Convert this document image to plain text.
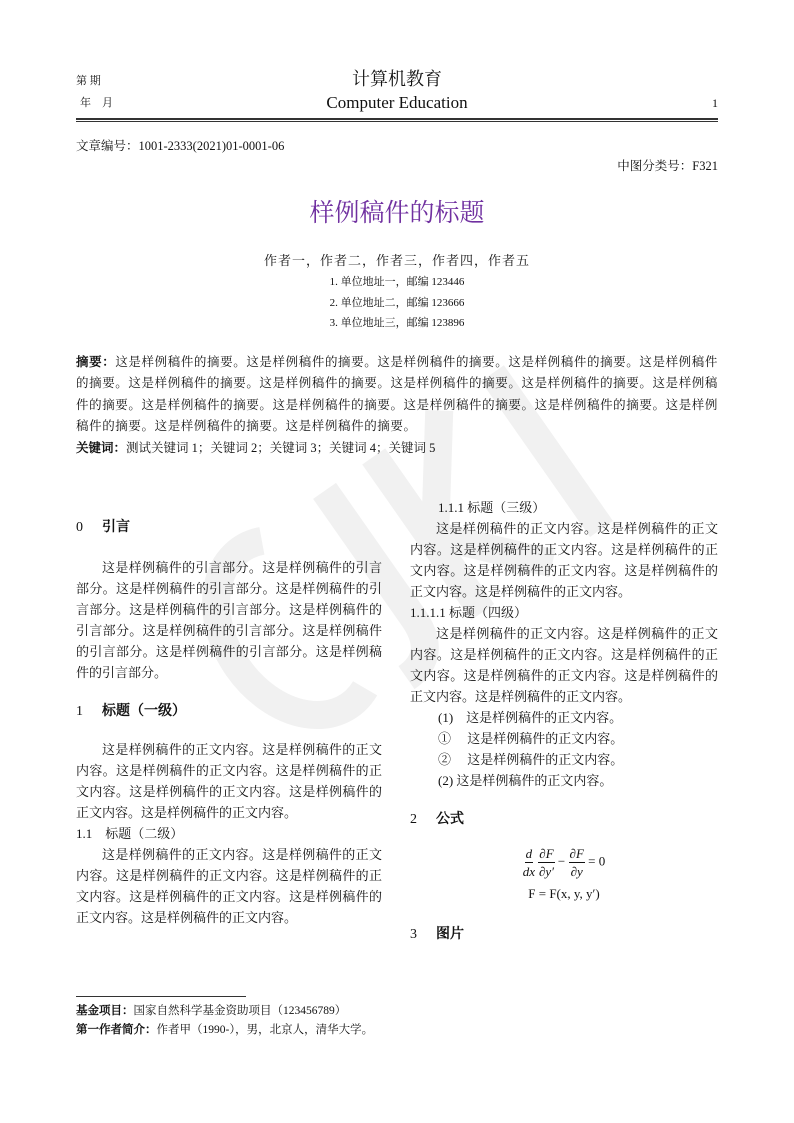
第 期
年　月
计算机教育
Computer Education	1
文章编号：1001-2333(2021)01-0001-06
中图分类号：F321
样例稿件的标题
作者一，作者二，作者三，作者四，作者五
1. 单位地址一，邮编 123446
2. 单位地址二，邮编 123666
3. 单位地址三，邮编 123896
摘要：这是样例稿件的摘要。这是样例稿件的摘要。这是样例稿件的摘要。这是样例稿件的摘要。这是样例稿件的摘要。这是样例稿件的摘要。这是样例稿件的摘要。这是样例稿件的摘要。这是样例稿件的摘要。这是样例稿件的摘要。这是样例稿件的摘要。这是样例稿件的摘要。这是样例稿件的摘要。这是样例稿件的摘要。这是样例稿件的摘要。这是样例稿件的摘要。这是样例稿件的摘要。
关键词：测试关键词 1；关键词 2；关键词 3；关键词 4；关键词 5
0 引言
这是样例稿件的引言部分。这是样例稿件的引言部分。这是样例稿件的引言部分。这是样例稿件的引言部分。这是样例稿件的引言部分。这是样例稿件的引言部分。这是样例稿件的引言部分。这是样例稿件的引言部分。这是样例稿件的引言部分。这是样例稿件的引言部分。
1 标题（一级）
这是样例稿件的正文内容。这是样例稿件的正文内容。这是样例稿件的正文内容。这是样例稿件的正文内容。这是样例稿件的正文内容。这是样例稿件的正文内容。这是样例稿件的正文内容。
1.1　标题（二级）
这是样例稿件的正文内容。这是样例稿件的正文内容。这是样例稿件的正文内容。这是样例稿件的正文内容。这是样例稿件的正文内容。这是样例稿件的正文内容。这是样例稿件的正文内容。
1.1.1 标题（三级）
这是样例稿件的正文内容。这是样例稿件的正文内容。这是样例稿件的正文内容。这是样例稿件的正文内容。这是样例稿件的正文内容。这是样例稿件的正文内容。这是样例稿件的正文内容。
1.1.1.1 标题（四级）
这是样例稿件的正文内容。这是样例稿件的正文内容。这是样例稿件的正文内容。这是样例稿件的正文内容。这是样例稿件的正文内容。这是样例稿件的正文内容。这是样例稿件的正文内容。
(1)　这是样例稿件的正文内容。
①　 这是样例稿件的正文内容。
②　 这是样例稿件的正文内容。
(2) 这是样例稿件的正文内容。
2 公式
$\frac{d}{dx}$
$\frac{\partial F}{\partial y'} - \frac{\partial F}{\partial y} = 0$
F = F(x, y, y′)
3 图片
基金项目：国家自然科学基金资助项目（123456789）
第一作者简介：作者甲（1990-），男，北京人，清华大学。
